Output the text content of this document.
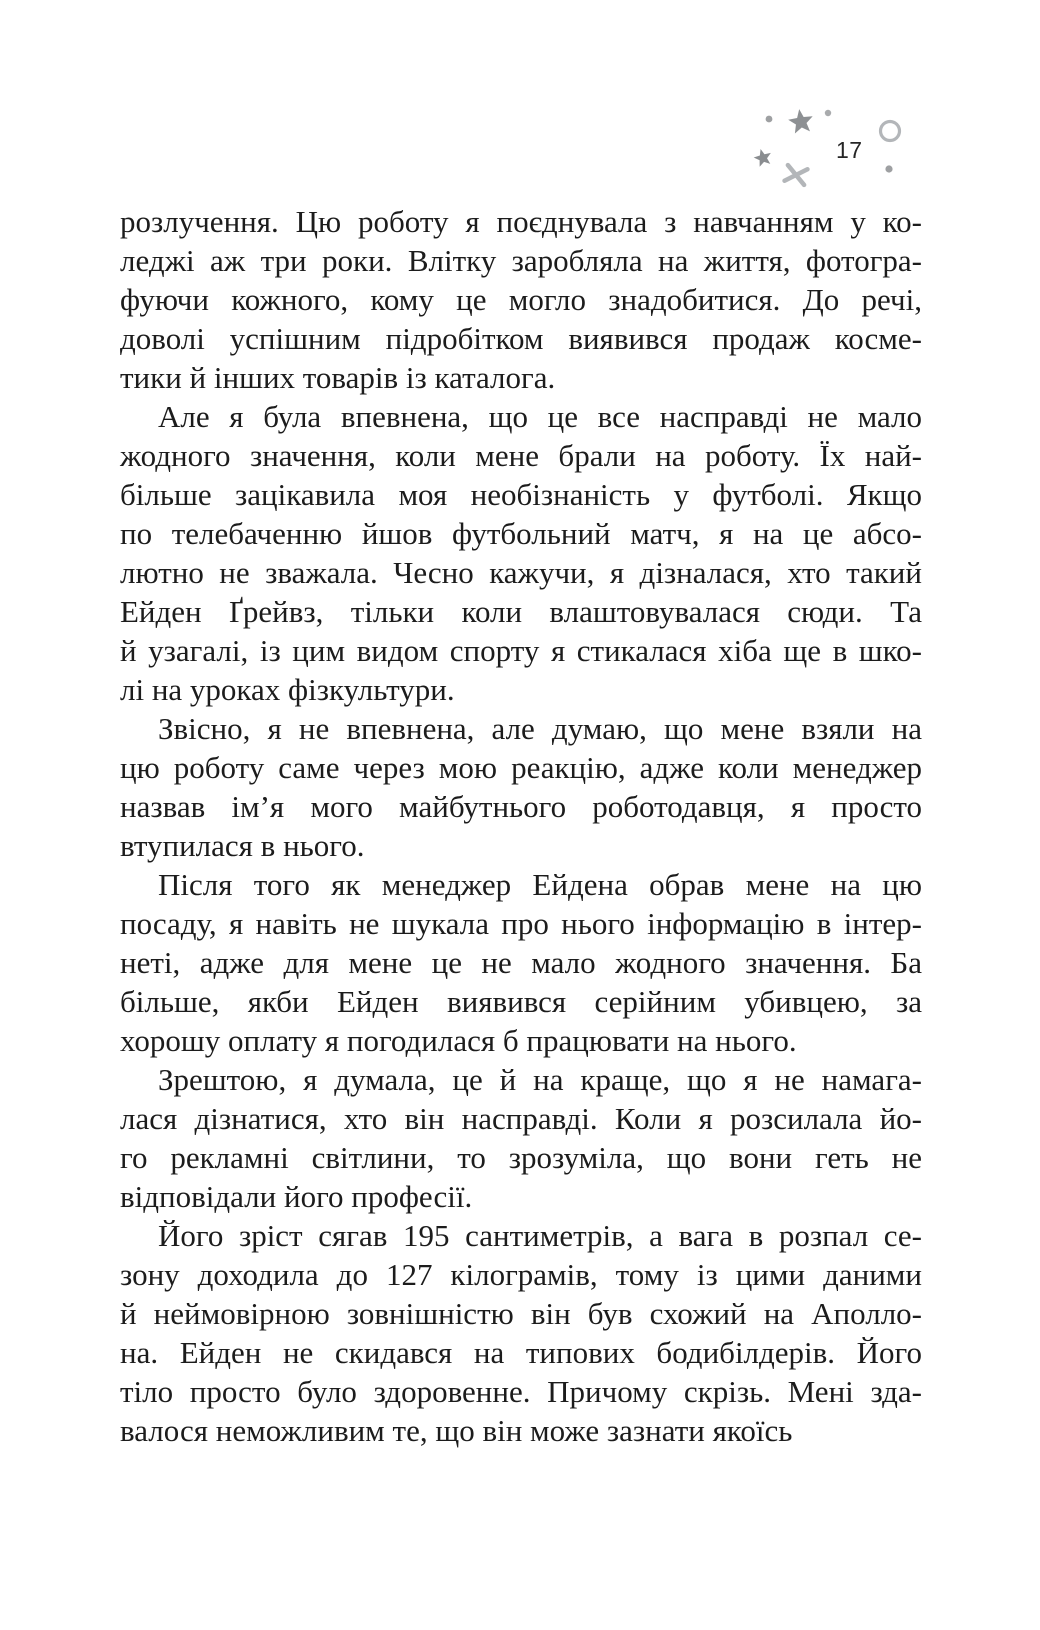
17
розлучення. Цю роботу я поєднувала з навчанням у ко-
леджі аж три роки. Влітку заробляла на життя, фотогра-
фуючи кожного, кому це могло знадобитися. До речі,
доволі успішним підробітком виявився продаж косме-
тики й інших товарів із каталога.
Але я була впевнена, що це все насправді не мало
жодного значення, коли мене брали на роботу. Їх най-
більше зацікавила моя необізнаність у футболі. Якщо
по телебаченню йшов футбольний матч, я на це абсо-
лютно не зважала. Чесно кажучи, я дізналася, хто такий
Ейден Ґрейвз, тільки коли влаштовувалася сюди. Та
й узагалі, із цим видом спорту я стикалася хіба ще в шко-
лі на уроках фізкультури.
Звісно, я не впевнена, але думаю, що мене взяли на
цю роботу саме через мою реакцію, адже коли менеджер
назвав ім’я мого майбутнього роботодавця, я просто
втупилася в нього.
Після того як менеджер Ейдена обрав мене на цю
посаду, я навіть не шукала про нього інформацію в інтер-
неті, адже для мене це не мало жодного значення. Ба
більше, якби Ейден виявився серійним убивцею, за
хорошу оплату я погодилася б працювати на нього.
Зрештою, я думала, це й на краще, що я не намага-
лася дізнатися, хто він насправді. Коли я розсилала йо-
го рекламні світлини, то зрозуміла, що вони геть не
відповідали його професії.
Його зріст сягав 195 сантиметрів, а вага в розпал се-
зону доходила до 127 кілограмів, тому із цими даними
й неймовірною зовнішністю він був схожий на Аполло-
на. Ейден не скидався на типових бодибілдерів. Його
тіло просто було здоровенне. Причому скрізь. Мені зда-
валося неможливим те, що він може зазнати якоїсь
